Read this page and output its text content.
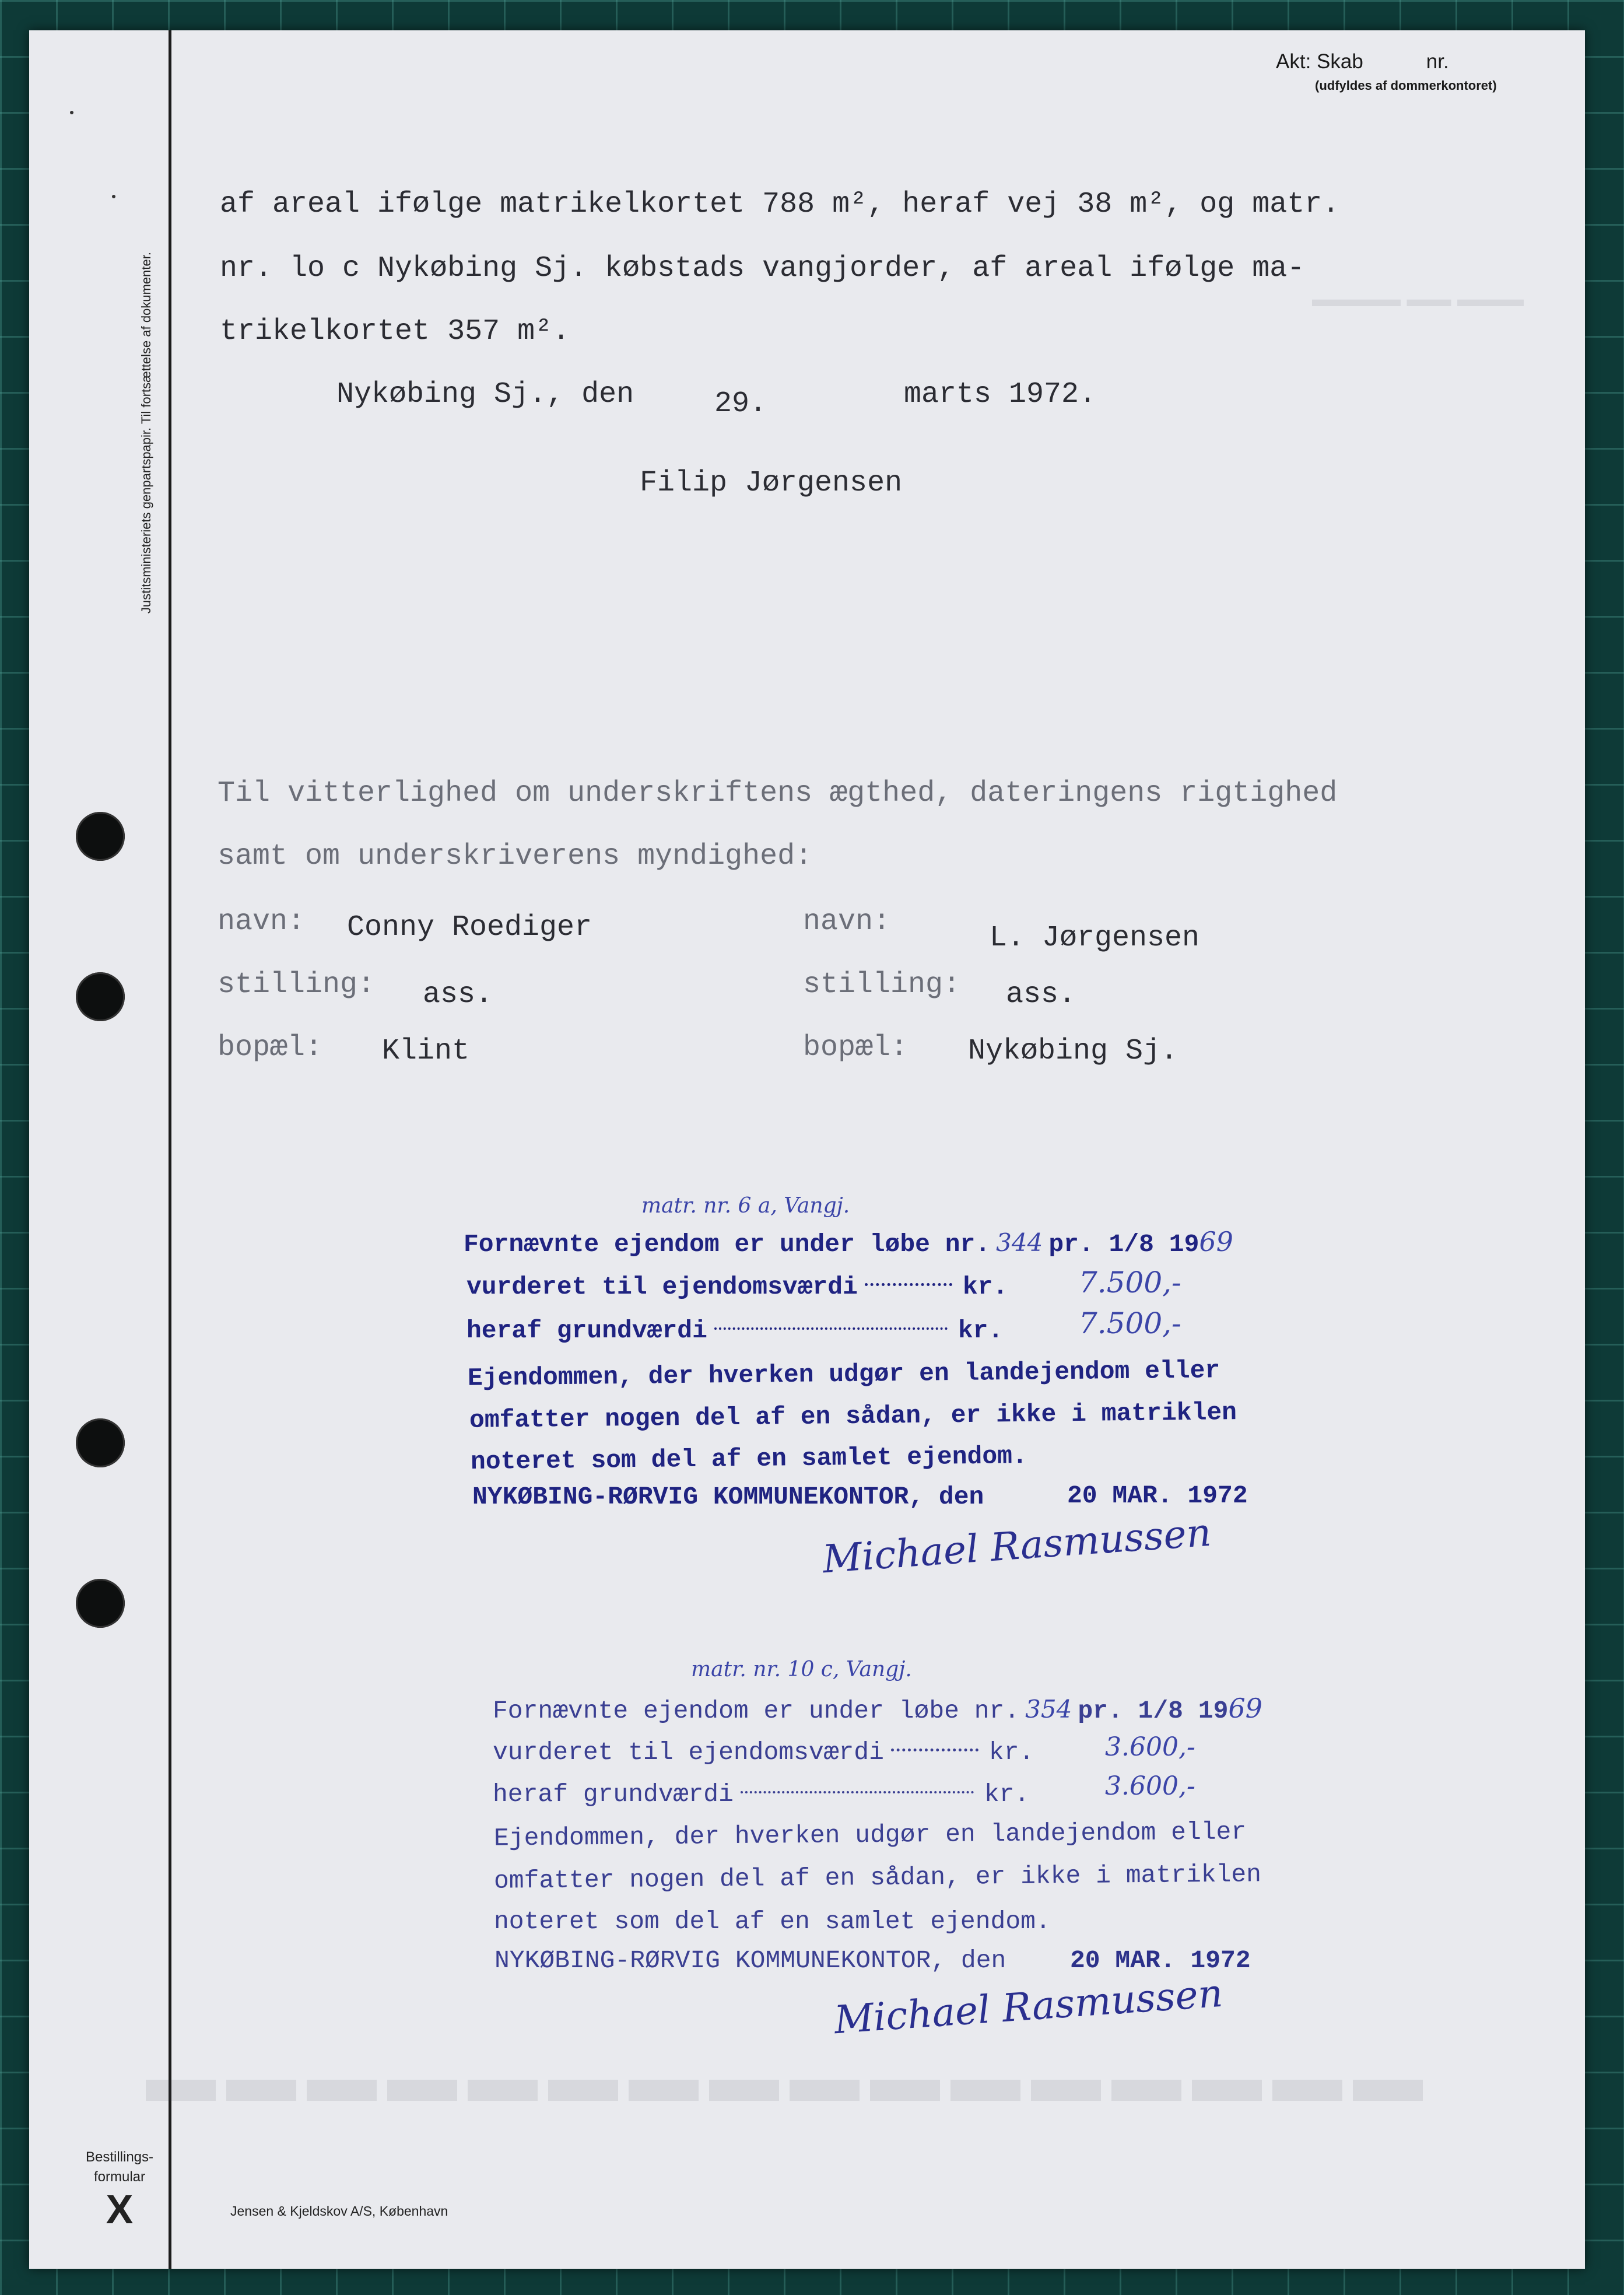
Justitsministeriets genpartspapir. Til fortsættelse af dokumenter.
Akt: Skab	nr.
(udfyldes af dommerkontoret)
▬▬▬▬ ▬▬ ▬▬▬
▬▬▬▬▬▬▬▬▬▬▬▬▬▬▬▬
af areal ifølge matrikelkortet 788 m², heraf vej 38 m², og matr.
nr. lo c Nykøbing Sj. købstads vangjorder, af areal ifølge ma-
trikelkortet 357 m².
Nykøbing Sj., den	29.	marts 1972.
Filip Jørgensen
Til vitterlighed om underskriftens ægthed, dateringens rigtighed
samt om underskriverens myndighed:
navn: Conny Roediger
stilling: ass.
bopæl: Klint
navn:	L. Jørgensen
stilling: ass.
bopæl: Nykøbing Sj.
matr. nr. 6 a, Vangj.
Fornævnte ejendom er under løbe nr. 344 pr. 1/8 1969
vurderet til ejendomsværdi	kr. 7.500,-
heraf grundværdi	kr.	7.500,-
Ejendommen, der hverken udgør en landejendom eller
omfatter nogen del af en sådan, er ikke i matriklen
noteret som del af en samlet ejendom.
NYKØBING-RØRVIG KOMMUNEKONTOR, den	20 MAR. 1972
Michael Rasmussen
matr. nr. 10 c, Vangj.
Fornævnte ejendom er under løbe nr. 354 pr. 1/8 1969
vurderet til ejendomsværdi	kr.	3.600,-
heraf grundværdi	kr.	3.600,-
Ejendommen, der hverken udgør en landejendom eller
omfatter nogen del af en sådan, er ikke i matriklen
noteret som del af en samlet ejendom.
NYKØBING-RØRVIG KOMMUNEKONTOR, den	20 MAR. 1972
Michael Rasmussen
Bestillings-
formular
X	Jensen & Kjeldskov A/S, København
